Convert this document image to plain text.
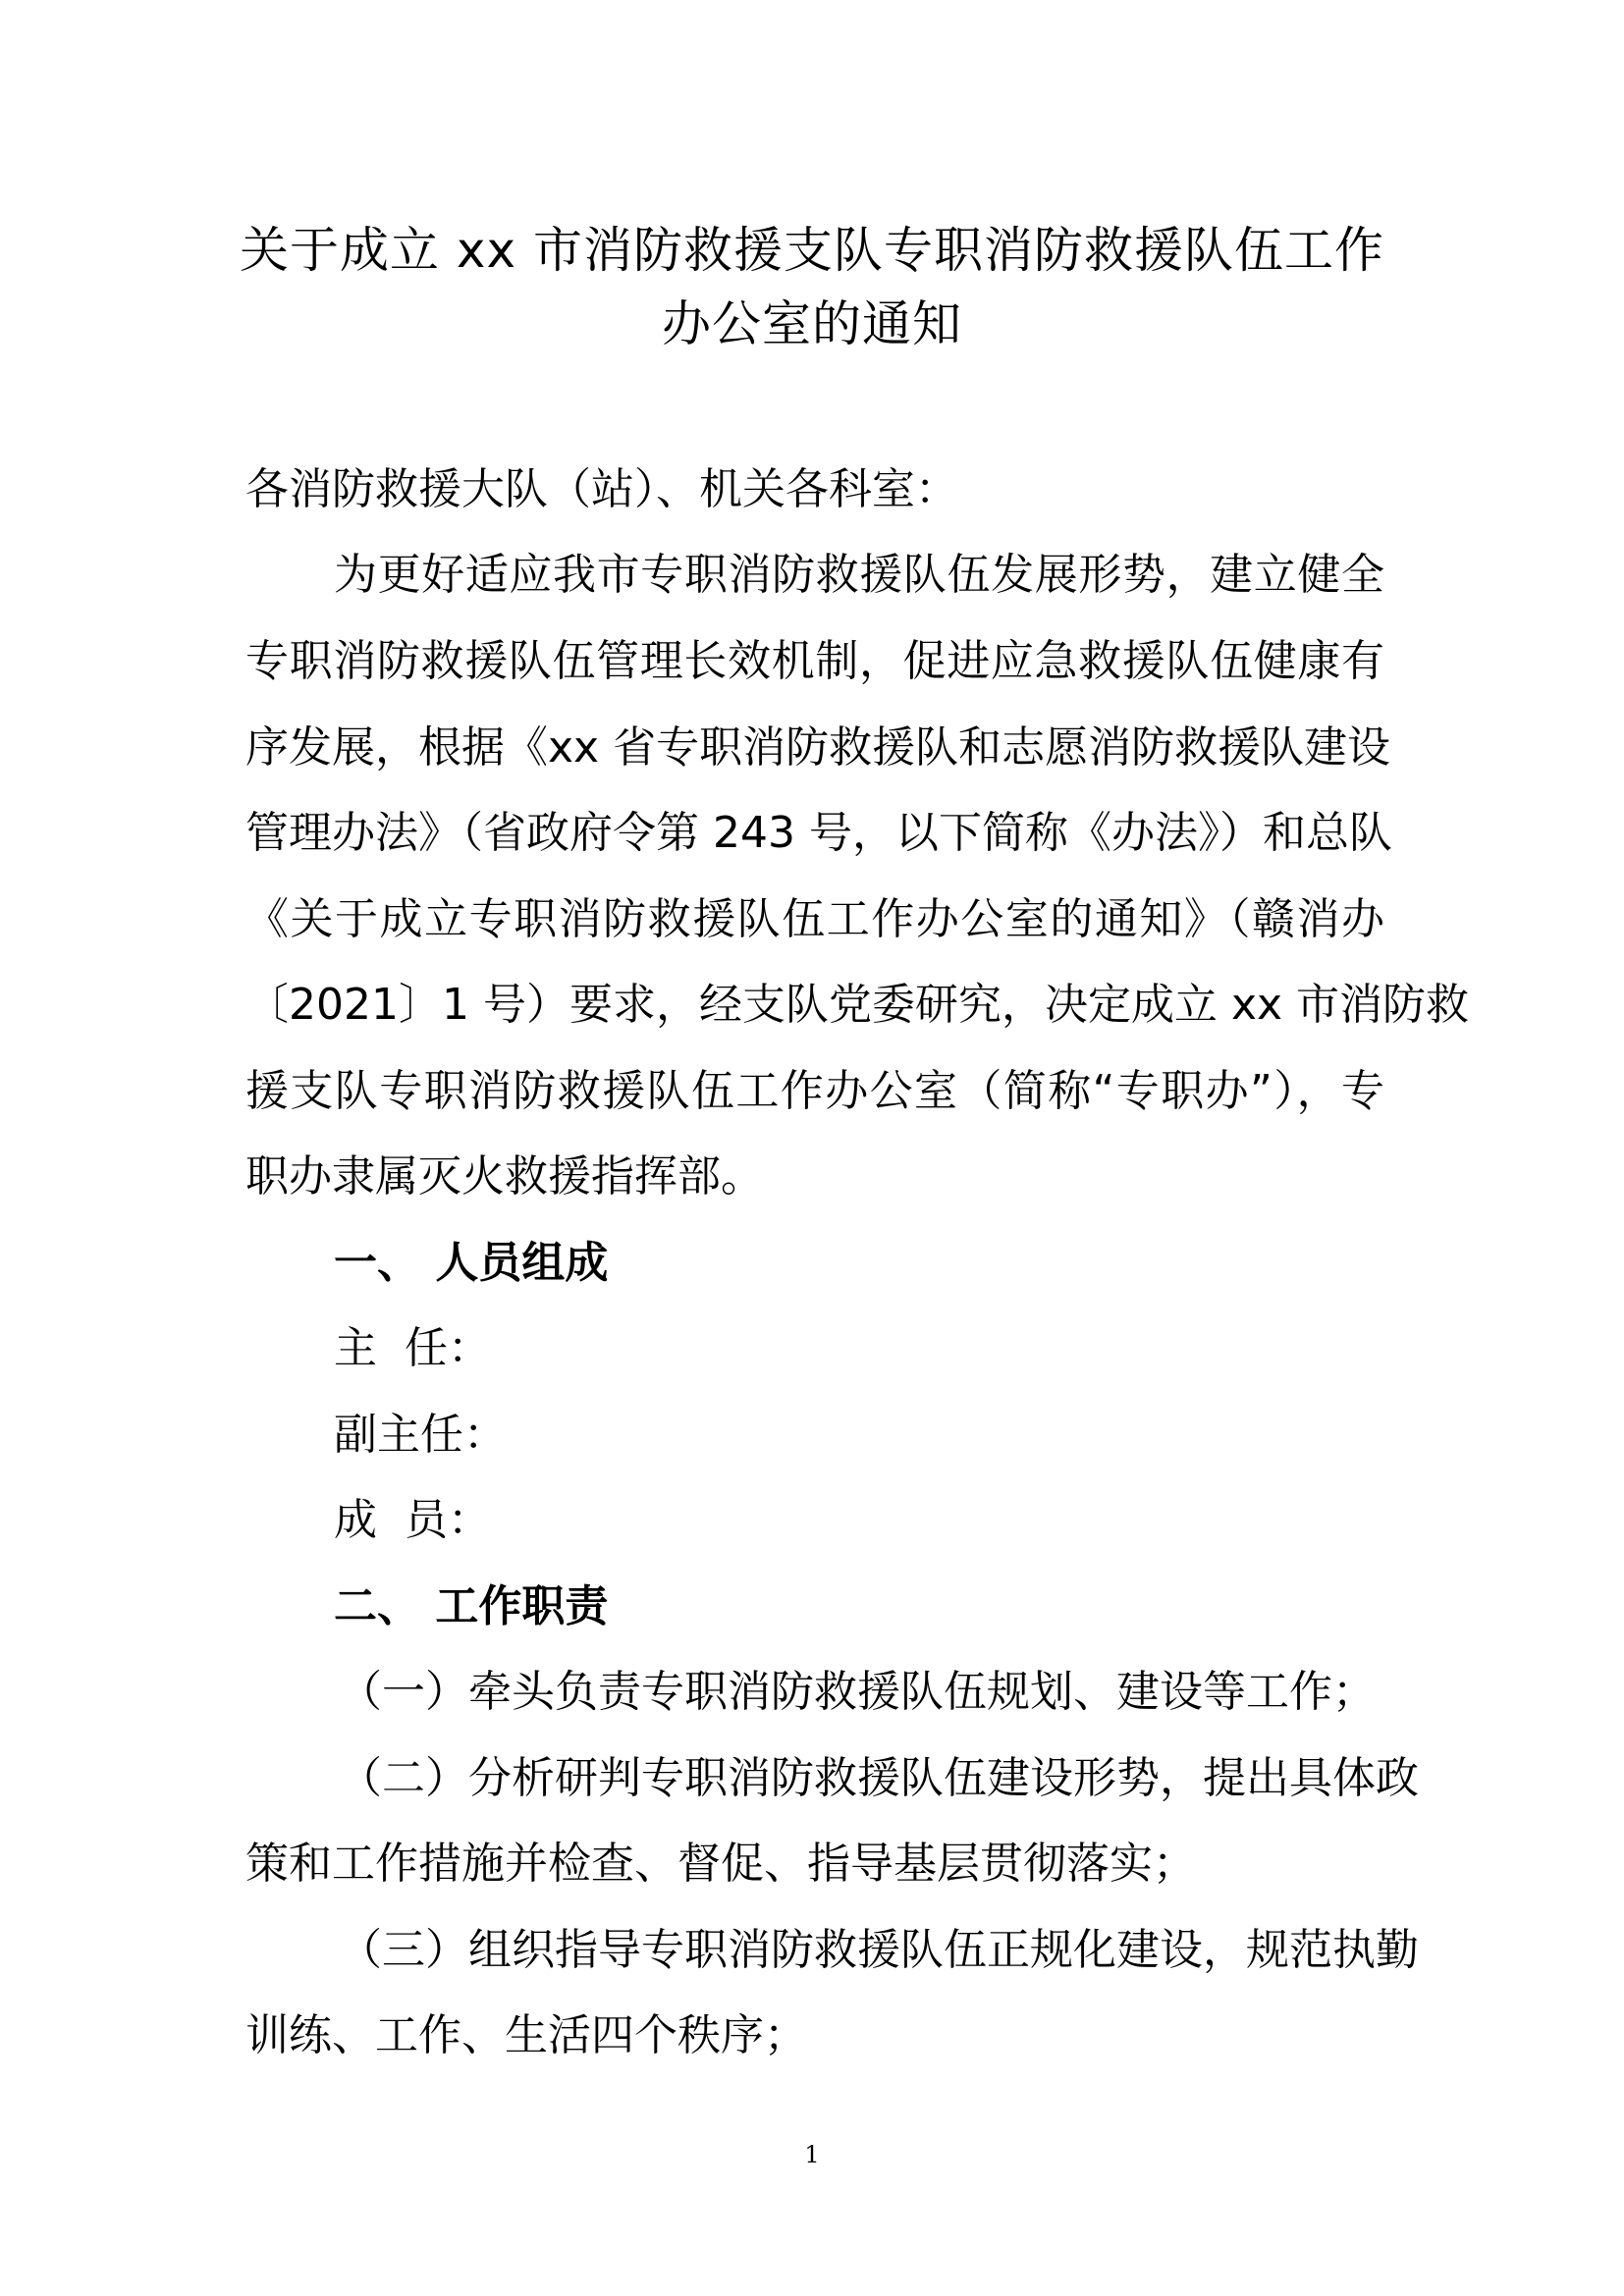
关于成立 xx 市消防救援支队专职消防救援队伍工作
办公室的通知
各消防救援大队（站）、机关各科室：
为更好适应我市专职消防救援队伍发展形势，建立健全
专职消防救援队伍管理长效机制，促进应急救援队伍健康有
序发展，根据《xx 省专职消防救援队和志愿消防救援队建设
管理办法》（省政府令第 243 号，以下简称《办法》）和总队
《关于成立专职消防救援队伍工作办公室的通知》（赣消办
〔2021〕1 号）要求，经支队党委研究，决定成立 xx 市消防救
援支队专职消防救援队伍工作办公室（简称“专职办”），专
职办隶属灭火救援指挥部。
一、 人员组成
主  任：
副主任：
成  员：
二、 工作职责
（一）牵头负责专职消防救援队伍规划、建设等工作；
（二）分析研判专职消防救援队伍建设形势，提出具体政
策和工作措施并检查、督促、指导基层贯彻落实；
（三）组织指导专职消防救援队伍正规化建设，规范执勤
训练、工作、生活四个秩序；
1
